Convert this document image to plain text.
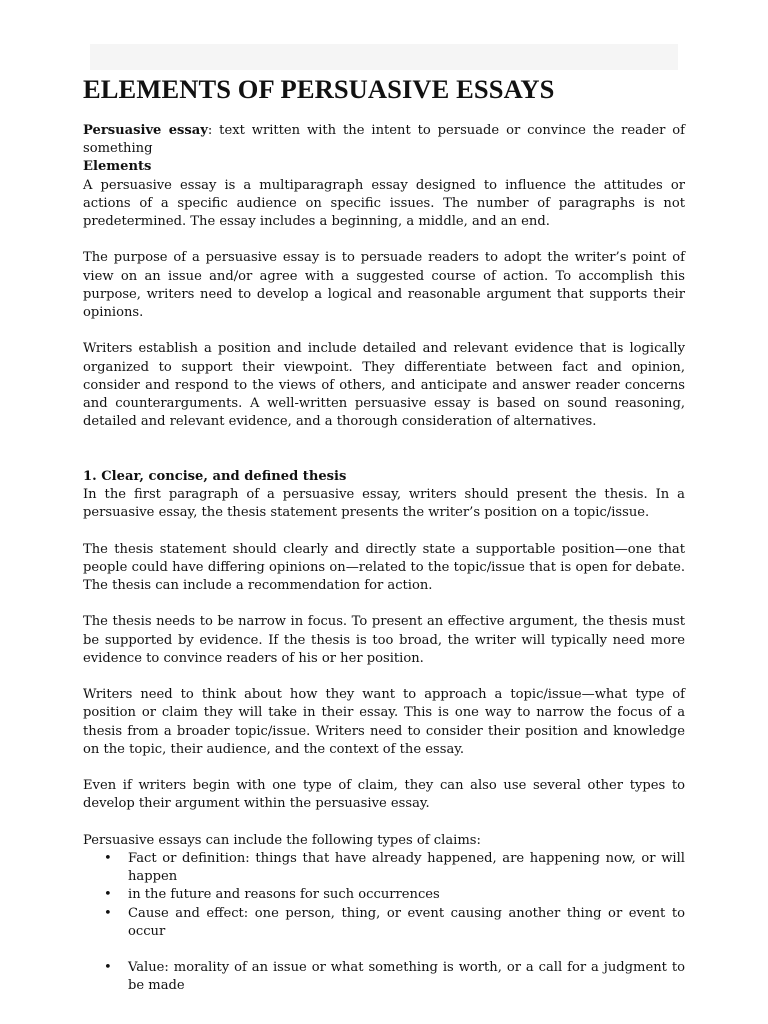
ELEMENTS OF PERSUASIVE ESSAYS

Persuasive essay: text written with the intent to persuade or convince the reader of something

Elements

A persuasive essay is a multiparagraph essay designed to influence the attitudes or actions of a specific audience on specific issues. The number of paragraphs is not predetermined. The essay includes a beginning, a middle, and an end.

The purpose of a persuasive essay is to persuade readers to adopt the writer’s point of view on an issue and/or agree with a suggested course of action. To accomplish this purpose, writers need to develop a logical and reasonable argument that supports their opinions.

Writers establish a position and include detailed and relevant evidence that is logically organized to support their viewpoint. They differentiate between fact and opinion, consider and respond to the views of others, and anticipate and answer reader concerns and counterarguments. A well-written persuasive essay is based on sound reasoning, detailed and relevant evidence, and a thorough consideration of alternatives.

1. Clear, concise, and defined thesis

In the first paragraph of a persuasive essay, writers should present the thesis. In a persuasive essay, the thesis statement presents the writer’s position on a topic/issue.

The thesis statement should clearly and directly state a supportable position—one that people could have differing opinions on—related to the topic/issue that is open for debate. The thesis can include a recommendation for action.

The thesis needs to be narrow in focus. To present an effective argument, the thesis must be supported by evidence. If the thesis is too broad, the writer will typically need more evidence to convince readers of his or her position.

Writers need to think about how they want to approach a topic/issue—what type of position or claim they will take in their essay. This is one way to narrow the focus of a thesis from a broader topic/issue. Writers need to consider their position and knowledge on the topic, their audience, and the context of the essay.

Even if writers begin with one type of claim, they can also use several other types to develop their argument within the persuasive essay.

Persuasive essays can include the following types of claims:

• Fact or definition: things that have already happened, are happening now, or will happen
• in the future and reasons for such occurrences
• Cause and effect: one person, thing, or event causing another thing or event to occur
• Value: morality of an issue or what something is worth, or a call for a judgment to be made
